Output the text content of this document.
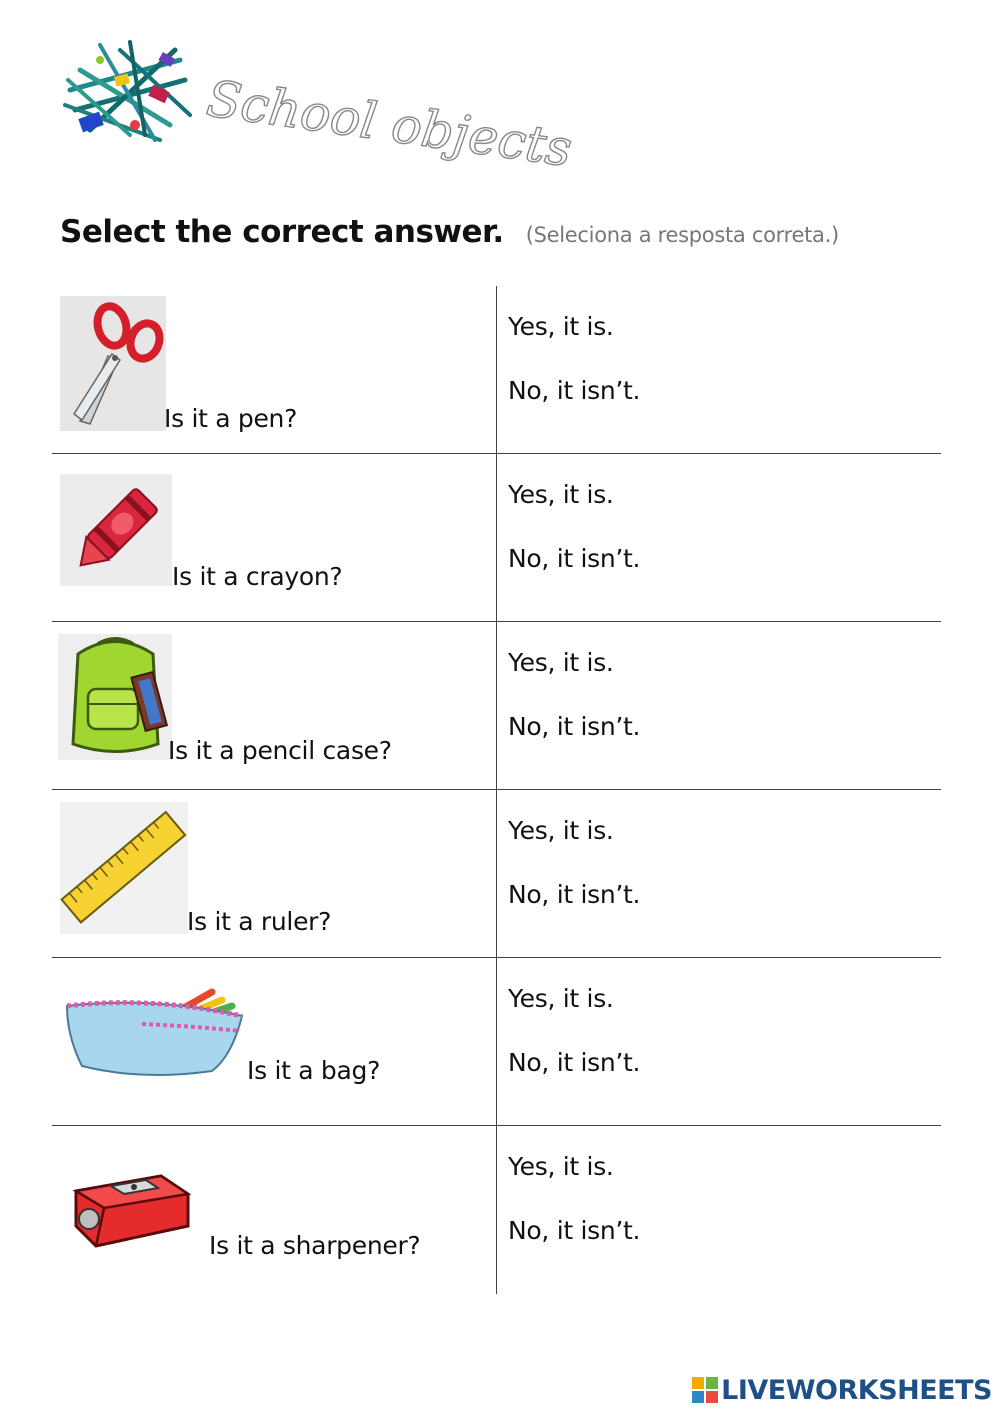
School objects
Select the correct answer. (Seleciona a resposta correta.)
Is it a pen?
Yes, it is.
No, it isn’t.
Is it a crayon?
Yes, it is.
No, it isn’t.
Is it a pencil case?
Yes, it is.
No, it isn’t.
Is it a ruler?
Yes, it is.
No, it isn’t.
Is it a bag?
Yes, it is.
No, it isn’t.
Is it a sharpener?
Yes, it is.
No, it isn’t.
LIVEWORKSHEETS
